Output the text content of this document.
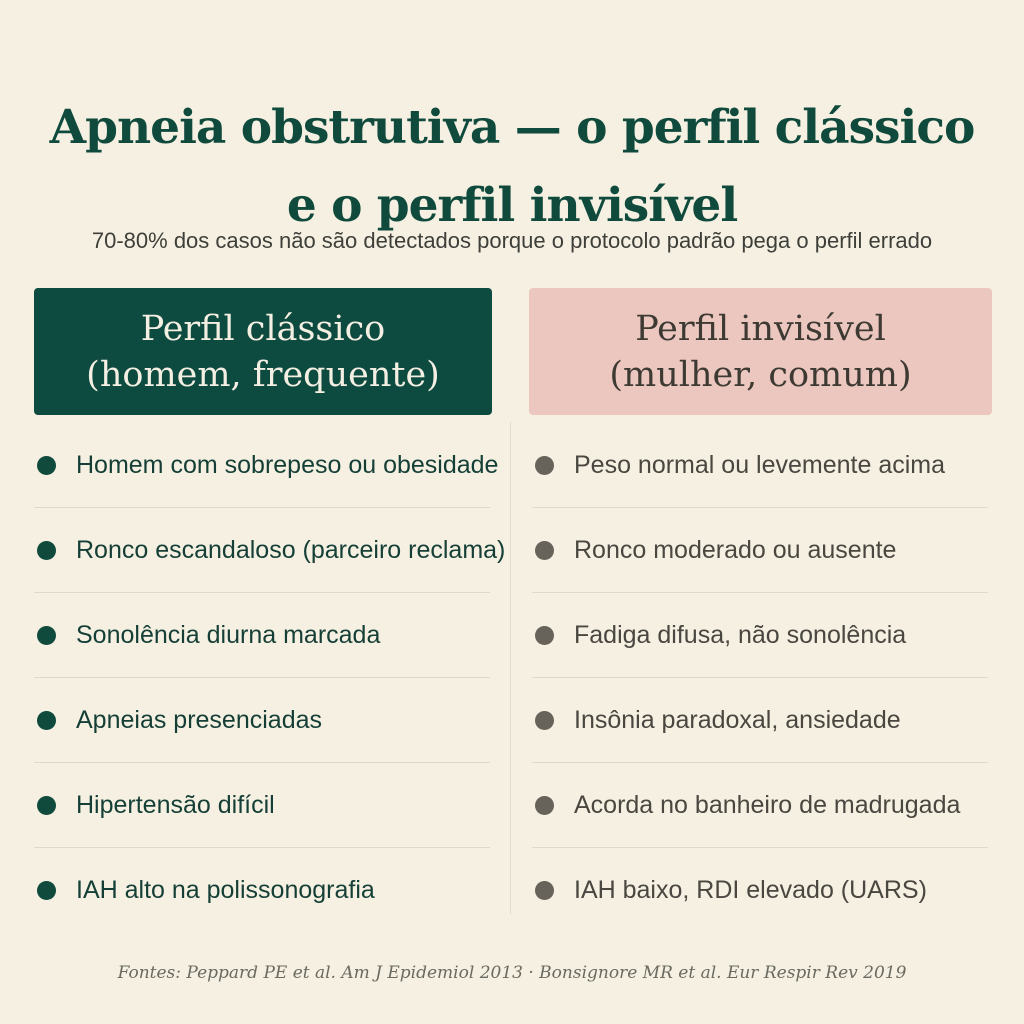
Apneia obstrutiva — o perfil clássico
e o perfil invisível
70-80% dos casos não são detectados porque o protocolo padrão pega o perfil errado
Perfil clássico
(homem, frequente)
Perfil invisível
(mulher, comum)
Homem com sobrepeso ou obesidade
Ronco escandaloso (parceiro reclama)
Sonolência diurna marcada
Apneias presenciadas
Hipertensão difícil
IAH alto na polissonografia
Peso normal ou levemente acima
Ronco moderado ou ausente
Fadiga difusa, não sonolência
Insônia paradoxal, ansiedade
Acorda no banheiro de madrugada
IAH baixo, RDI elevado (UARS)
Fontes: Peppard PE et al. Am J Epidemiol 2013 · Bonsignore MR et al. Eur Respir Rev 2019
